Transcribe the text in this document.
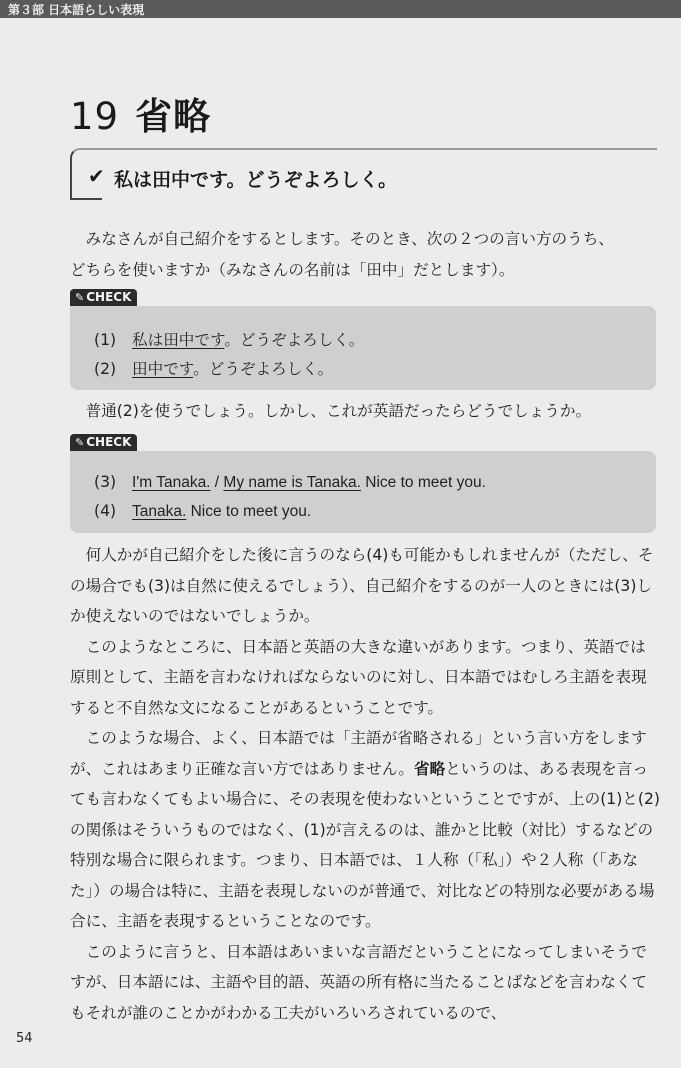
第３部 日本語らしい表現
19 省略
✔ 私は田中です。どうぞよろしく。

みなさんが自己紹介をするとします。そのとき、次の２つの言い方のうち、

どちらを使いますか（みなさんの名前は「田中」だとします）。

✎ CHECK
(1) 私は田中です。どうぞよろしく。
(2) 田中です。どうぞよろしく。

普通(2)を使うでしょう。しかし、これが英語だったらどうでしょうか。

✎ CHECK
(3) I'm Tanaka. / My name is Tanaka. Nice to meet you.
(4) Tanaka. Nice to meet you.

何人かが自己紹介をした後に言うのなら(4)も可能かもしれませんが（ただし、その場合でも(3)は自然に使えるでしょう）、自己紹介をするのが一人のときには(3)しか使えないのではないでしょうか。

このようなところに、日本語と英語の大きな違いがあります。つまり、英語では原則として、主語を言わなければならないのに対し、日本語ではむしろ主語を表現すると不自然な文になることがあるということです。

このような場合、よく、日本語では「主語が省略される」という言い方をしますが、これはあまり正確な言い方ではありません。省略というのは、ある表現を言っても言わなくてもよい場合に、その表現を使わないということですが、上の(1)と(2)の関係はそういうものではなく、(1)が言えるのは、誰かと比較（対比）するなどの特別な場合に限られます。つまり、日本語では、１人称（「私」）や２人称（「あなた」）の場合は特に、主語を表現しないのが普通で、対比などの特別な必要がある場合に、主語を表現するということなのです。

このように言うと、日本語はあいまいな言語だということになってしまいそうですが、日本語には、主語や目的語、英語の所有格に当たることばなどを言わなくてもそれが誰のことかがわかる工夫がいろいろされているので、

54
